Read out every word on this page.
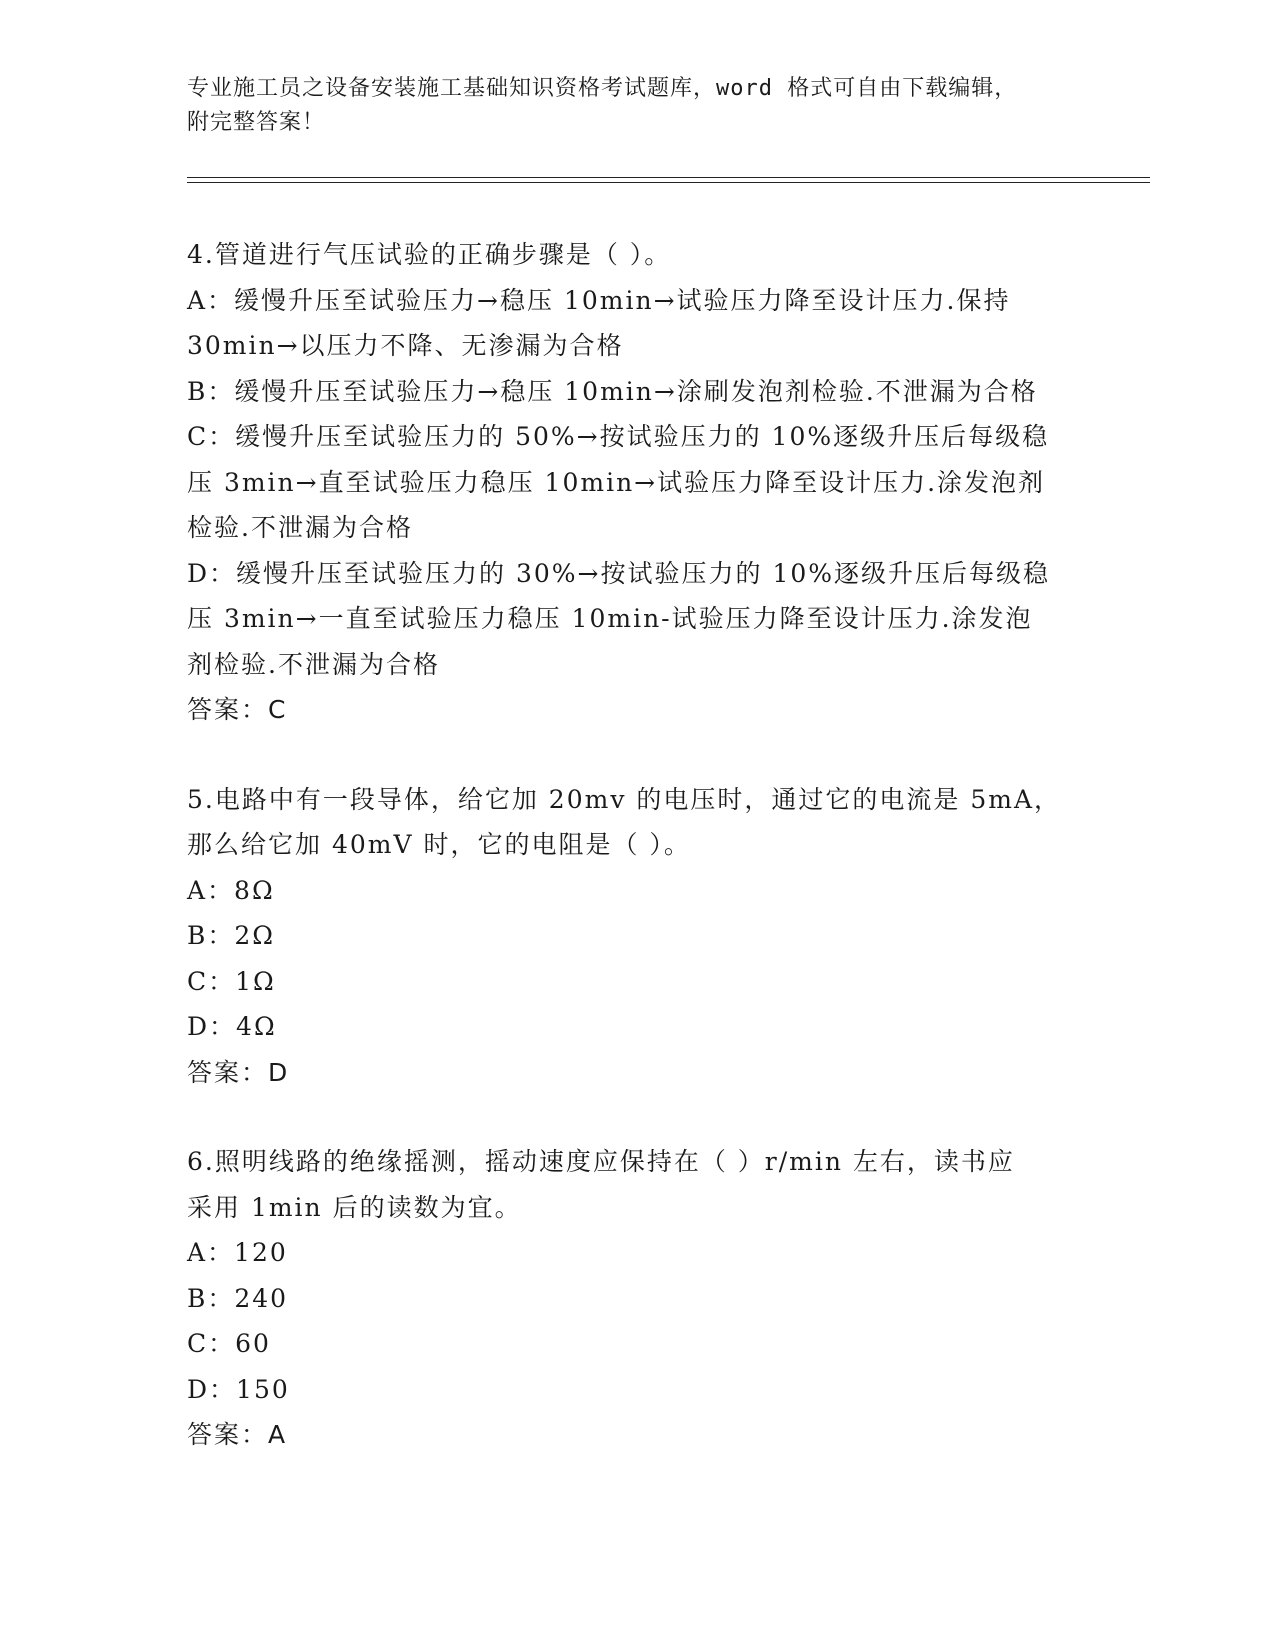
专业施工员之设备安装施工基础知识资格考试题库，word 格式可自由下载编辑，
附完整答案！
4.管道进行气压试验的正确步骤是（ ）。
A：缓慢升压至试验压力→稳压 10min→试验压力降至设计压力.保持
30min→以压力不降、无渗漏为合格
B：缓慢升压至试验压力→稳压 10min→涂刷发泡剂检验.不泄漏为合格
C：缓慢升压至试验压力的 50%→按试验压力的 10%逐级升压后每级稳
压 3min→直至试验压力稳压 10min→试验压力降至设计压力.涂发泡剂
检验.不泄漏为合格
D：缓慢升压至试验压力的 30%→按试验压力的 10%逐级升压后每级稳
压 3min→一直至试验压力稳压 10min-试验压力降至设计压力.涂发泡
剂检验.不泄漏为合格
答案：C
5.电路中有一段导体，给它加 20mv 的电压时，通过它的电流是 5mA，
那么给它加 40mV 时，它的电阻是（ ）。
A：8Ω
B：2Ω
C：1Ω
D：4Ω
答案：D
6.照明线路的绝缘摇测，摇动速度应保持在（ ）r/min 左右，读书应
采用 1min 后的读数为宜。
A：120
B：240
C：60
D：150
答案：A
